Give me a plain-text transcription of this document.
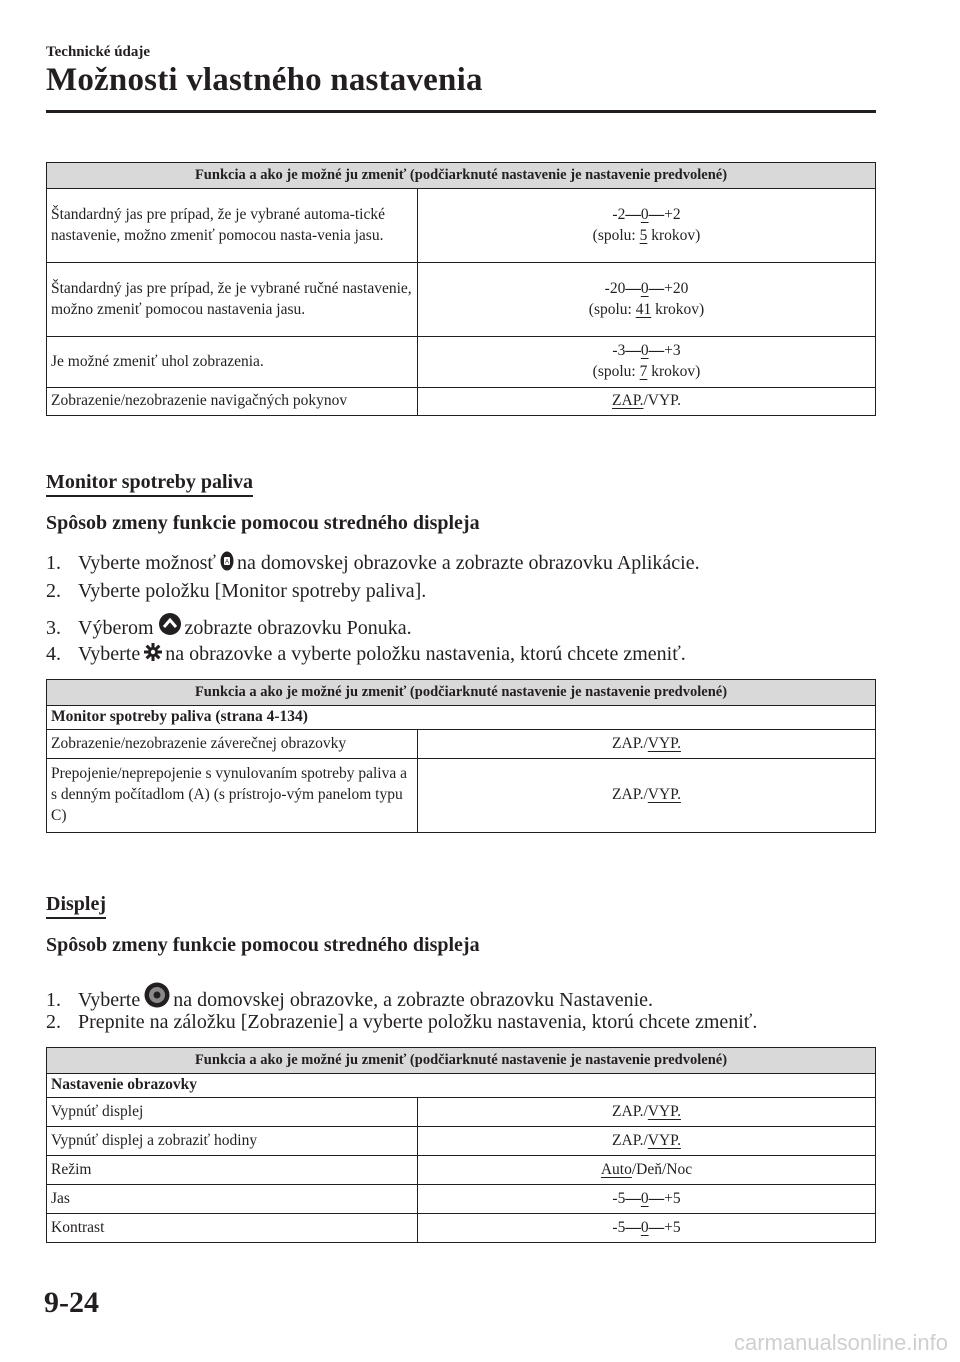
Technické údaje
Možnosti vlastného nastavenia
Funkcia a ako je možné ju zmeniť (podčiarknuté nastavenie je nastavenie predvolené)	
Štandardný jas pre prípad, že je vybrané automa-tické nastavenie, možno zmeniť pomocou nasta-venia jasu.	-2—0—+2
(spolu: 5 krokov)

Štandardný jas pre prípad, že je vybrané ručné nastavenie, možno zmeniť pomocou nastavenia jasu.	-20—0—+20
(spolu: 41 krokov)

Je možné zmeniť uhol zobrazenia.	-3—0—+3
(spolu: 7 krokov)

Zobrazenie/nezobrazenie navigačných pokynov	ZAP./VYP.
Monitor spotreby paliva
Spôsob zmeny funkcie pomocou stredného displeja
1. Vyberte možnosť A na domovskej obrazovke a zobrazte obrazovku Aplikácie.
2. Vyberte položku [Monitor spotreby paliva].
3. Výberom zobrazte obrazovku Ponuka.
4. Vyberte na obrazovke a vyberte položku nastavenia, ktorú chcete zmeniť.
Funkcia a ako je možné ju zmeniť (podčiarknuté nastavenie je nastavenie predvolené)	
Monitor spotreby paliva (strana 4-134)	
Zobrazenie/nezobrazenie záverečnej obrazovky	ZAP./VYP.
Prepojenie/neprepojenie s vynulovaním spotreby paliva a s denným počítadlom (A) (s prístrojo-vým panelom typu C)	ZAP./VYP.
Displej
Spôsob zmeny funkcie pomocou stredného displeja
1. Vyberte na domovskej obrazovke, a zobrazte obrazovku Nastavenie.
2. Prepnite na záložku [Zobrazenie] a vyberte položku nastavenia, ktorú chcete zmeniť.
Funkcia a ako je možné ju zmeniť (podčiarknuté nastavenie je nastavenie predvolené)	
Nastavenie obrazovky	
Vypnúť displej	ZAP./VYP.
Vypnúť displej a zobraziť hodiny	ZAP./VYP.
Režim	Auto/Deň/Noc
Jas	-5—0—+5
Kontrast	-5—0—+5
9-24
carmanualsonline.info
